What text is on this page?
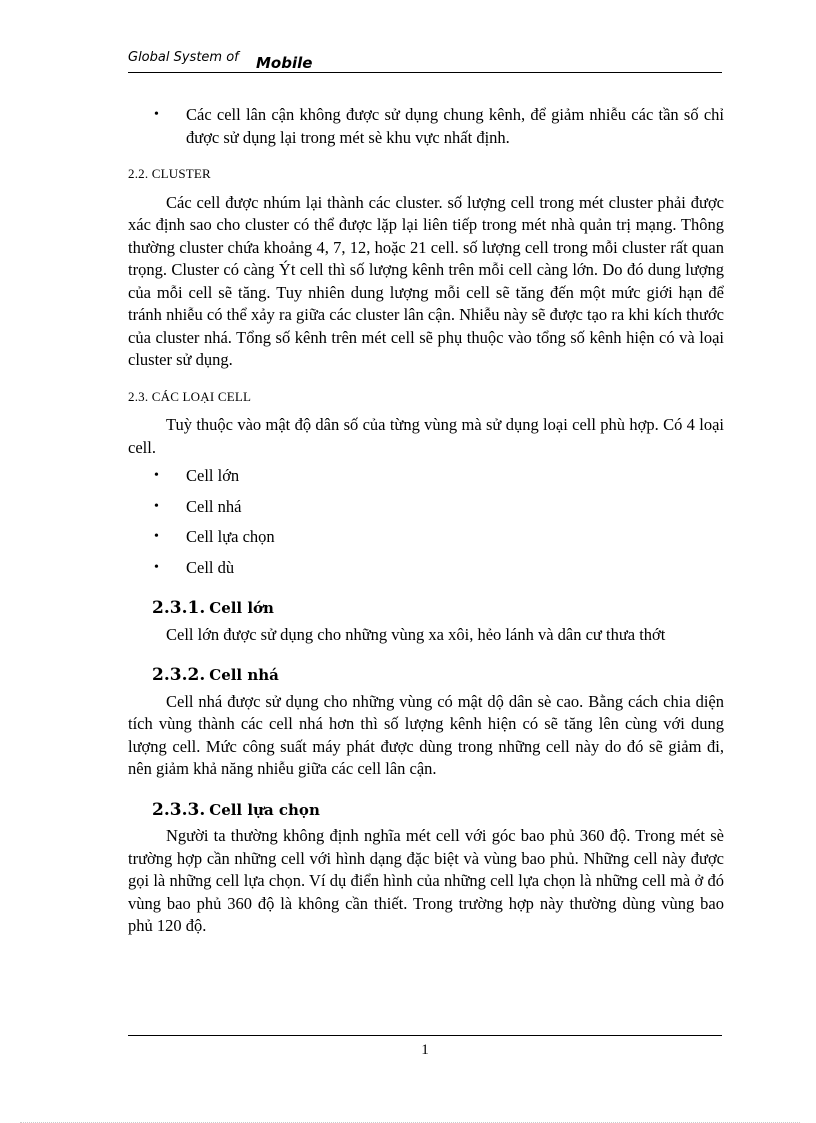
Global System of Mobile
• Các cell lân cận không được sử dụng chung kênh, để giảm nhiễu các tần số chỉ được sử dụng lại trong mét sè khu vực nhất định.
2.2. CLUSTER

Các cell được nhúm lại thành các cluster. số lượng cell trong mét cluster phải được xác định sao cho cluster có thể được lặp lại liên tiếp trong mét nhà quản trị mạng. Thông thường cluster chứa khoảng 4, 7, 12, hoặc 21 cell. số lượng cell trong mỗi cluster rất quan trọng. Cluster có càng Ýt cell thì số lượng kênh trên mỗi cell càng lớn. Do đó dung lượng của mỗi cell sẽ tăng. Tuy nhiên dung lượng mỗi cell sẽ tăng đến một mức giới hạn để tránh nhiễu có thể xảy ra giữa các cluster lân cận. Nhiễu này sẽ được tạo ra khi kích thước của cluster nhá. Tổng số kênh trên mét cell sẽ phụ thuộc vào tổng số kênh hiện có và loại cluster sử dụng.

2.3. CÁC LOẠI CELL

Tuỳ thuộc vào mật độ dân số của từng vùng mà sử dụng loại cell phù hợp. Có 4 loại cell.

• Cell lớn
• Cell nhá
• Cell lựa chọn
• Cell dù
2.3.1. Cell lớn

Cell lớn được sử dụng cho những vùng xa xôi, hẻo lánh và dân cư thưa thớt

2.3.2. Cell nhá

Cell nhá được sử dụng cho những vùng có mật dộ dân sè cao. Bằng cách chia diện tích vùng thành các cell nhá hơn thì số lượng kênh hiện có sẽ tăng lên cùng với dung lượng cell. Mức công suất máy phát được dùng trong những cell này do đó sẽ giảm đi, nên giảm khả năng nhiễu giữa các cell lân cận.

2.3.3. Cell lựa chọn

Người ta thường không định nghĩa mét cell với góc bao phủ 360 độ. Trong mét sè trường hợp cần những cell với hình dạng đặc biệt và vùng bao phủ. Những cell này được gọi là những cell lựa chọn. Ví dụ điển hình của những cell lựa chọn là những cell mà ở đó vùng bao phủ 360 độ là không cần thiết. Trong trường hợp này thường dùng vùng bao phủ 120 độ.

1
